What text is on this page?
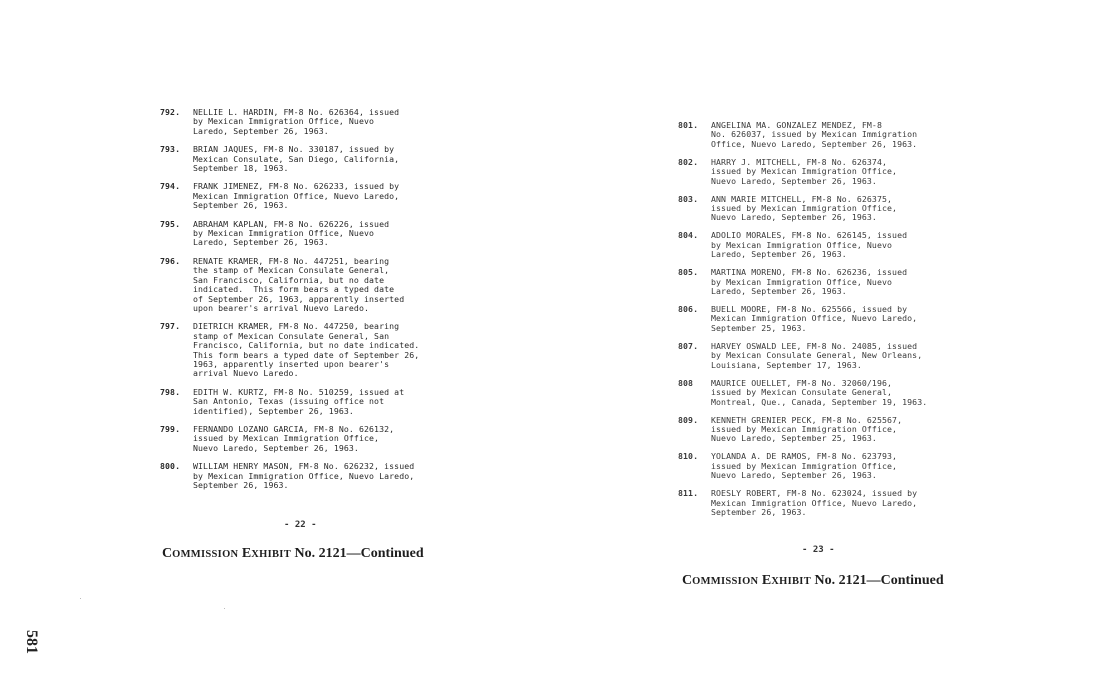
792. NELLIE L. HARDIN, FM-8 No. 626364, issued
by Mexican Immigration Office, Nuevo
Laredo, September 26, 1963.
793. BRIAN JAQUES, FM-8 No. 330187, issued by
Mexican Consulate, San Diego, California,
September 18, 1963.
794. FRANK JIMENEZ, FM-8 No. 626233, issued by
Mexican Immigration Office, Nuevo Laredo,
September 26, 1963.
795. ABRAHAM KAPLAN, FM-8 No. 626226, issued
by Mexican Immigration Office, Nuevo
Laredo, September 26, 1963.
796. RENATE KRAMER, FM-8 No. 447251, bearing
the stamp of Mexican Consulate General,
San Francisco, California, but no date
indicated.  This form bears a typed date
of September 26, 1963, apparently inserted
upon bearer's arrival Nuevo Laredo.
797. DIETRICH KRAMER, FM-8 No. 447250, bearing
stamp of Mexican Consulate General, San
Francisco, California, but no date indicated.
This form bears a typed date of September 26,
1963, apparently inserted upon bearer's
arrival Nuevo Laredo.
798. EDITH W. KURTZ, FM-8 No. 510259, issued at
San Antonio, Texas (issuing office not
identified), September 26, 1963.
799. FERNANDO LOZANO GARCIA, FM-8 No. 626132,
issued by Mexican Immigration Office,
Nuevo Laredo, September 26, 1963.
800. WILLIAM HENRY MASON, FM-8 No. 626232, issued
by Mexican Immigration Office, Nuevo Laredo,
September 26, 1963.
- 22 -
COMMISSION EXHIBIT No. 2121—Continued
801. ANGELINA MA. GONZALEZ MENDEZ, FM-8
No. 626037, issued by Mexican Immigration
Office, Nuevo Laredo, September 26, 1963.
802. HARRY J. MITCHELL, FM-8 No. 626374,
issued by Mexican Immigration Office,
Nuevo Laredo, September 26, 1963.
803. ANN MARIE MITCHELL, FM-8 No. 626375,
issued by Mexican Immigration Office,
Nuevo Laredo, September 26, 1963.
804. ADOLIO MORALES, FM-8 No. 626145, issued
by Mexican Immigration Office, Nuevo
Laredo, September 26, 1963.
805. MARTINA MORENO, FM-8 No. 626236, issued
by Mexican Immigration Office, Nuevo
Laredo, September 26, 1963.
806. BUELL MOORE, FM-8 No. 625566, issued by
Mexican Immigration Office, Nuevo Laredo,
September 25, 1963.
807. HARVEY OSWALD LEE, FM-8 No. 24085, issued
by Mexican Consulate General, New Orleans,
Louisiana, September 17, 1963.
808 MAURICE OUELLET, FM-8 No. 32060/196,
issued by Mexican Consulate General,
Montreal, Que., Canada, September 19, 1963.
809. KENNETH GRENIER PECK, FM-8 No. 625567,
issued by Mexican Immigration Office,
Nuevo Laredo, September 25, 1963.
810. YOLANDA A. DE RAMOS, FM-8 No. 623793,
issued by Mexican Immigration Office,
Nuevo Laredo, September 26, 1963.
811. ROESLY ROBERT, FM-8 No. 623024, issued by
Mexican Immigration Office, Nuevo Laredo,
September 26, 1963.
- 23 -
COMMISSION EXHIBIT No. 2121—Continued
581
